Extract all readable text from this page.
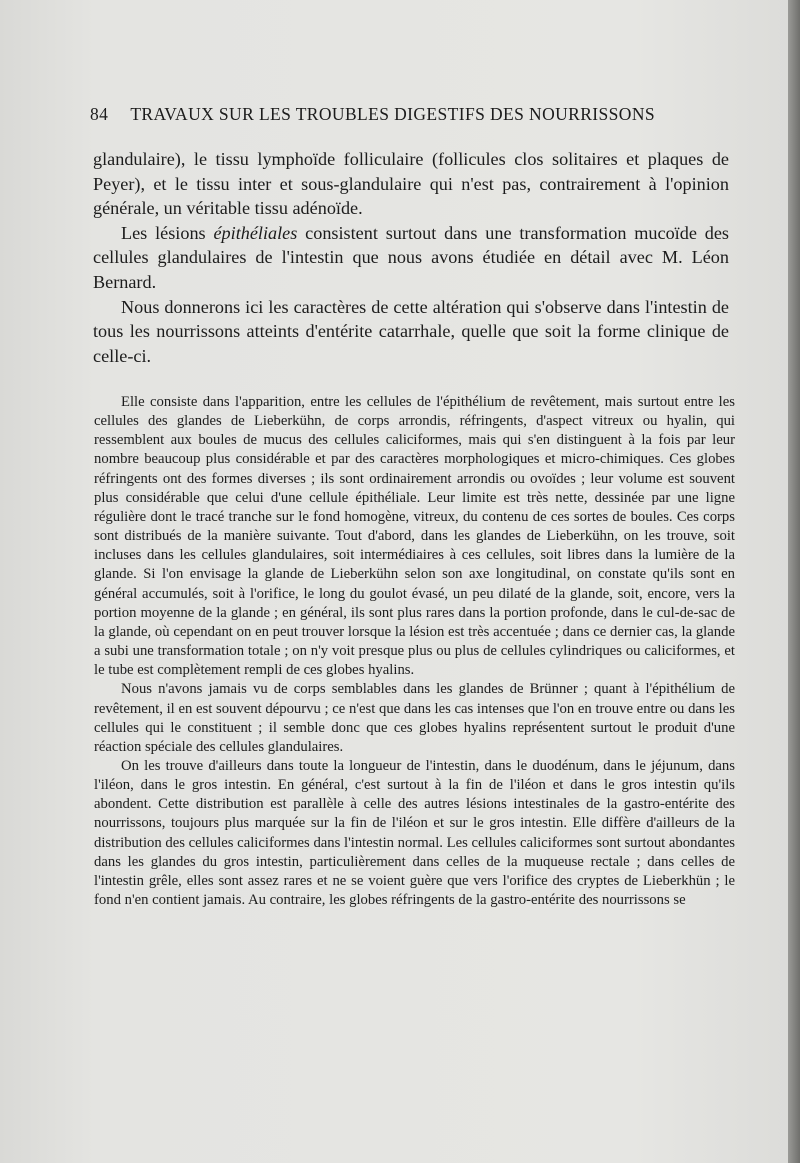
84 TRAVAUX SUR LES TROUBLES DIGESTIFS DES NOURRISSONS

glandulaire), le tissu lymphoïde folliculaire (follicules clos solitaires et plaques de Peyer), et le tissu inter et sous-glandulaire qui n'est pas, contrairement à l'opinion générale, un véritable tissu adénoïde.

Les lésions épithéliales consistent surtout dans une transformation mucoïde des cellules glandulaires de l'intestin que nous avons étudiée en détail avec M. Léon Bernard.

Nous donnerons ici les caractères de cette altération qui s'observe dans l'intestin de tous les nourrissons atteints d'entérite catarrhale, quelle que soit la forme clinique de celle-ci.

Elle consiste dans l'apparition, entre les cellules de l'épithélium de revêtement, mais surtout entre les cellules des glandes de Lieberkühn, de corps arrondis, réfringents, d'aspect vitreux ou hyalin, qui ressemblent aux boules de mucus des cellules caliciformes, mais qui s'en distinguent à la fois par leur nombre beaucoup plus considérable et par des caractères morphologiques et micro-chimiques. Ces globes réfringents ont des formes diverses ; ils sont ordinairement arrondis ou ovoïdes ; leur volume est souvent plus considérable que celui d'une cellule épithéliale. Leur limite est très nette, dessinée par une ligne régulière dont le tracé tranche sur le fond homogène, vitreux, du contenu de ces sortes de boules. Ces corps sont distribués de la manière suivante. Tout d'abord, dans les glandes de Lieberkühn, on les trouve, soit incluses dans les cellules glandulaires, soit intermédiaires à ces cellules, soit libres dans la lumière de la glande. Si l'on envisage la glande de Lieberkühn selon son axe longitudinal, on constate qu'ils sont en général accumulés, soit à l'orifice, le long du goulot évasé, un peu dilaté de la glande, soit, encore, vers la portion moyenne de la glande ; en général, ils sont plus rares dans la portion profonde, dans le cul-de-sac de la glande, où cependant on en peut trouver lorsque la lésion est très accentuée ; dans ce dernier cas, la glande a subi une transformation totale ; on n'y voit presque plus ou plus de cellules cylindriques ou caliciformes, et le tube est complètement rempli de ces globes hyalins.

Nous n'avons jamais vu de corps semblables dans les glandes de Brünner ; quant à l'épithélium de revêtement, il en est souvent dépourvu ; ce n'est que dans les cas intenses que l'on en trouve entre ou dans les cellules qui le constituent ; il semble donc que ces globes hyalins représentent surtout le produit d'une réaction spéciale des cellules glandulaires.

On les trouve d'ailleurs dans toute la longueur de l'intestin, dans le duodénum, dans le jéjunum, dans l'iléon, dans le gros intestin. En général, c'est surtout à la fin de l'iléon et dans le gros intestin qu'ils abondent. Cette distribution est parallèle à celle des autres lésions intestinales de la gastro-entérite des nourrissons, toujours plus marquée sur la fin de l'iléon et sur le gros intestin. Elle diffère d'ailleurs de la distribution des cellules caliciformes dans l'intestin normal. Les cellules caliciformes sont surtout abondantes dans les glandes du gros intestin, particulièrement dans celles de la muqueuse rectale ; dans celles de l'intestin grêle, elles sont assez rares et ne se voient guère que vers l'orifice des cryptes de Lieberkhün ; le fond n'en contient jamais. Au contraire, les globes réfringents de la gastro-entérite des nourrissons se
